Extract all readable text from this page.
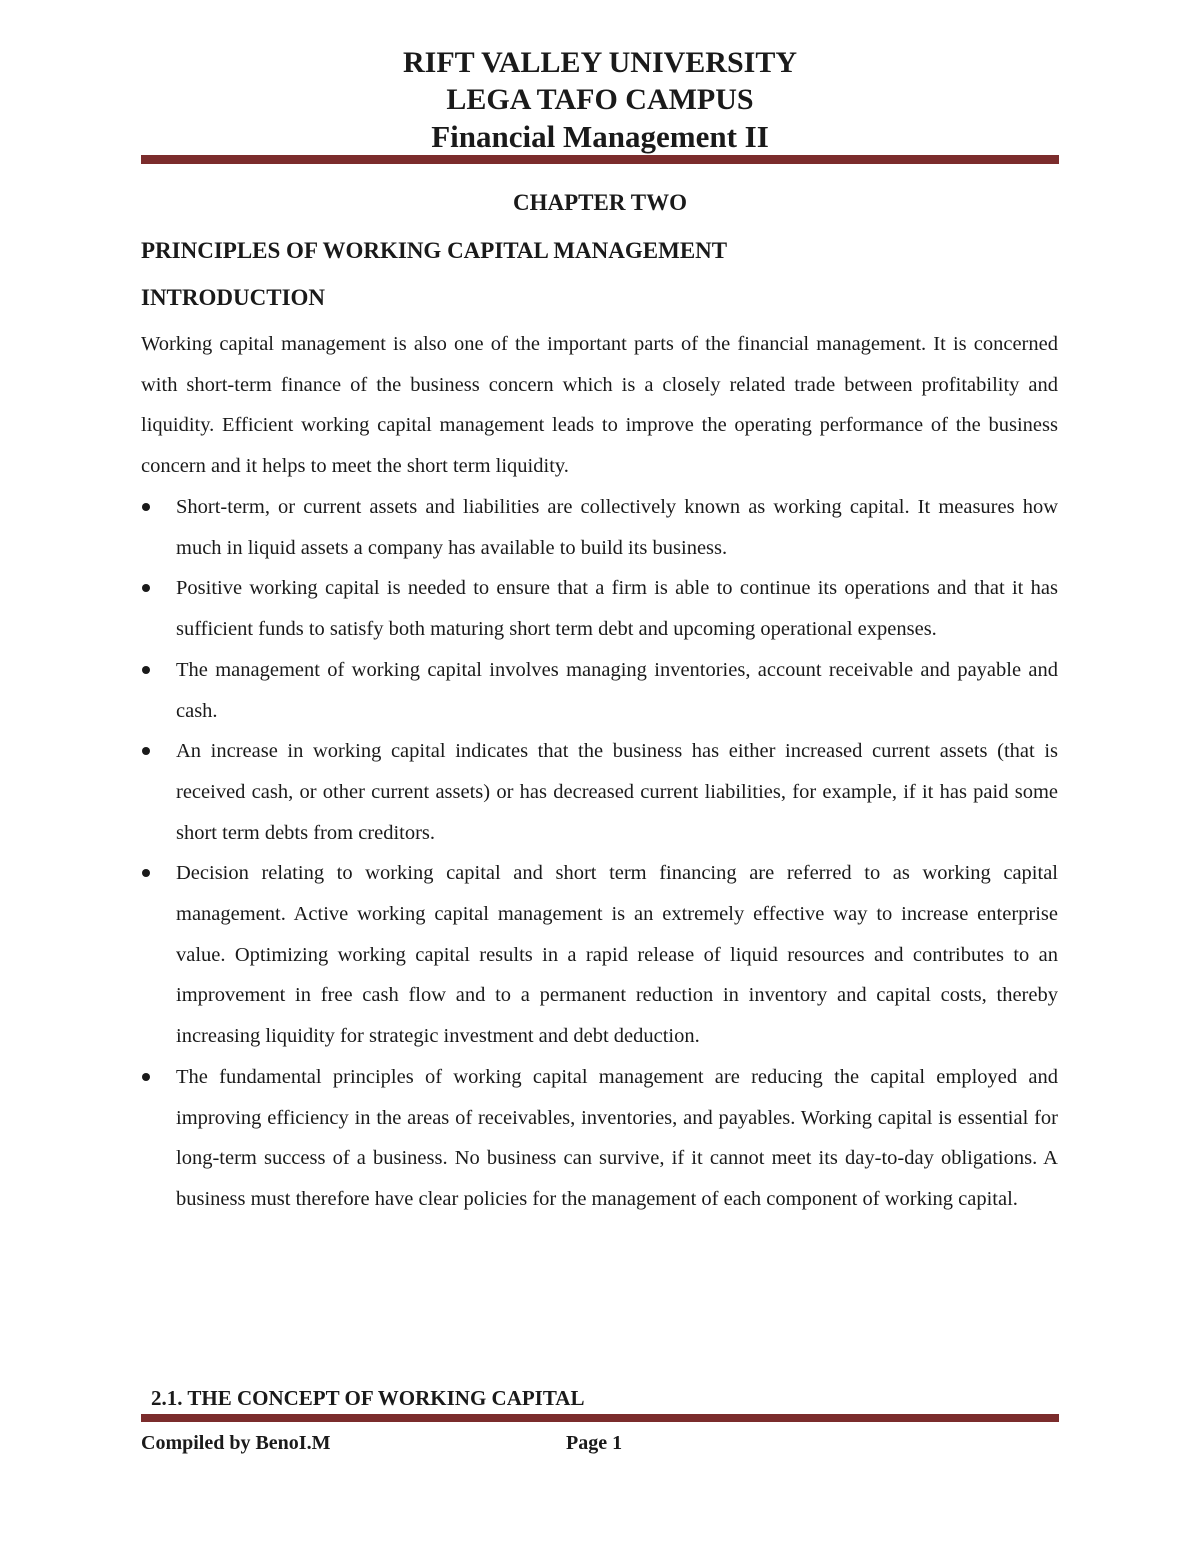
RIFT VALLEY UNIVERSITY
LEGA TAFO CAMPUS
Financial Management II
CHAPTER TWO
PRINCIPLES OF WORKING CAPITAL MANAGEMENT
INTRODUCTION
Working capital management is also one of the important parts of the financial management. It is concerned with short-term finance of the business concern which is a closely related trade between profitability and liquidity. Efficient working capital management leads to improve the operating performance of the business concern and it helps to meet the short term liquidity.
Short-term, or current assets and liabilities are collectively known as working capital. It measures how much in liquid assets a company has available to build its business.
Positive working capital is needed to ensure that a firm is able to continue its operations and that it has sufficient funds to satisfy both maturing short term debt and upcoming operational expenses.
The management of working capital involves managing inventories, account receivable and payable and cash.
An increase in working capital indicates that the business has either increased current assets (that is received cash, or other current assets) or has decreased current liabilities, for example, if it has paid some short term debts from creditors.
Decision relating to working capital and short term financing are referred to as working capital management. Active working capital management is an extremely effective way to increase enterprise value. Optimizing working capital results in a rapid release of liquid resources and contributes to an improvement in free cash flow and to a permanent reduction in inventory and capital costs, thereby increasing liquidity for strategic investment and debt deduction.
The fundamental principles of working capital management are reducing the capital employed and improving efficiency in the areas of receivables, inventories, and payables. Working capital is essential for long-term success of a business. No business can survive, if it cannot meet its day-to-day obligations. A business must therefore have clear policies for the management of each component of working capital.
2.1. THE CONCEPT OF WORKING CAPITAL
Compiled by BenoI.M	Page 1
